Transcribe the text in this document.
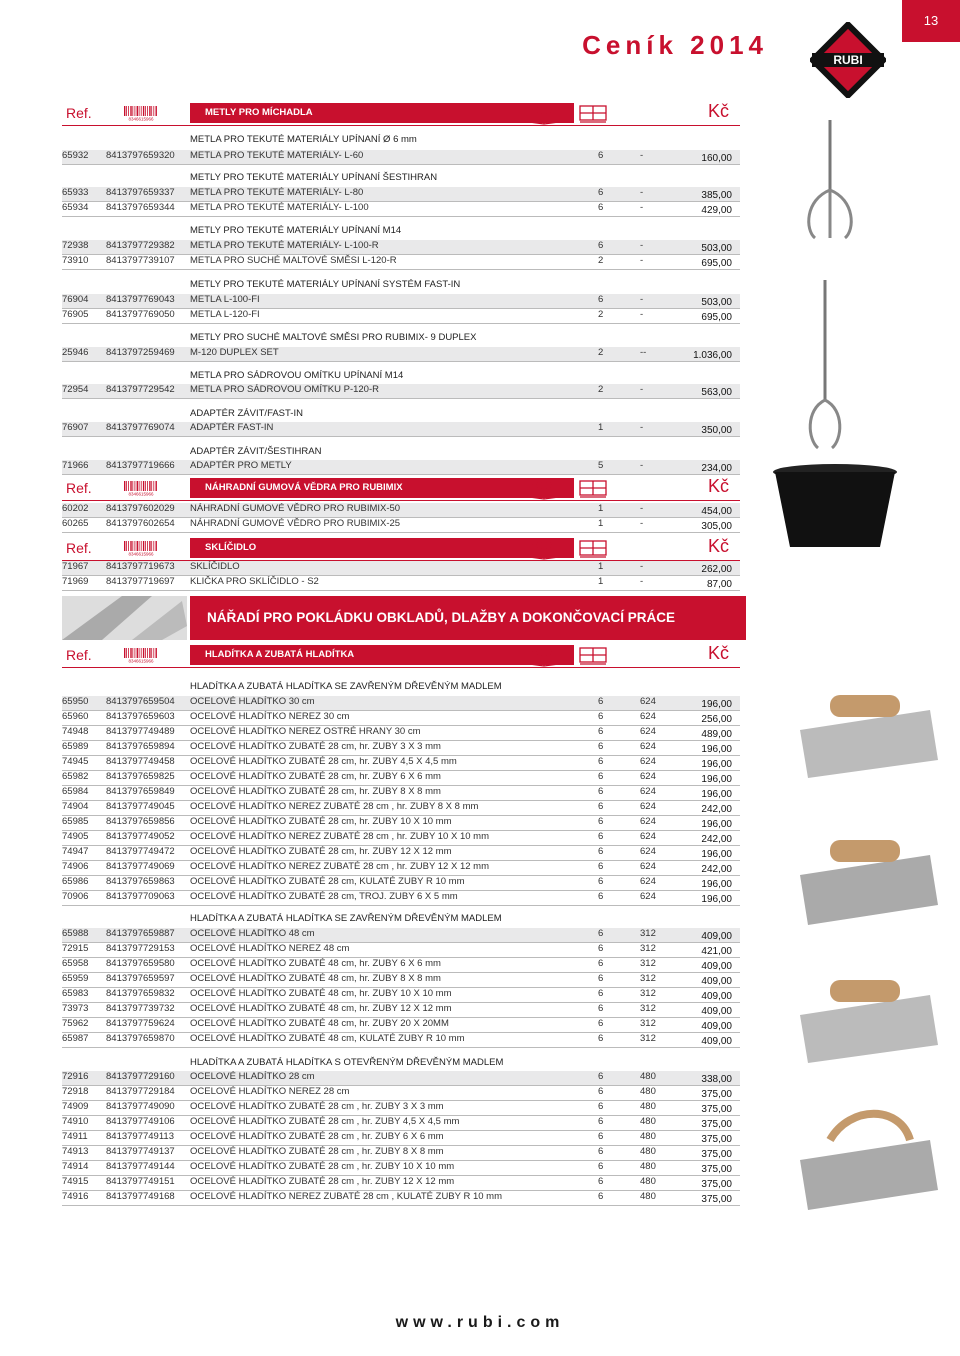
13
Ceník 2014	RUBI
Ref.	8346615966
METLY PRO MÍCHADLA	Kč
Ref.	8346615966
NÁHRADNÍ GUMOVÁ VĚDRA PRO RUBIMIX	Kč
Ref.	8346615966
SKLÍČIDLO	Kč
Ref.	8346615966
HLADÍTKA A ZUBATÁ HLADÍTKA	Kč
METLA PRO TEKUTÉ MATERIÁLY UPÍNANÍ Ø 6 mm
65932 8413797659320 METLA PRO TEKUTÉ MATERIÁLY- L-60	6	-	160,00
METLY PRO TEKUTÉ MATERIÁLY UPÍNANÍ ŠESTIHRAN
65933 8413797659337 METLA PRO TEKUTÉ MATERIÁLY- L-80	6	-	385,00
65934 8413797659344 METLA PRO TEKUTÉ MATERIÁLY- L-100	6	-	429,00
METLY PRO TEKUTÉ MATERIÁLY UPÍNANÍ M14
72938 8413797729382 METLA PRO TEKUTÉ MATERIÁLY- L-100-R	6	-	503,00
73910 8413797739107 METLA PRO SUCHÉ MALTOVÉ SMĚSI L-120-R	2	-	695,00
METLY PRO TEKUTÉ MATERIÁLY UPÍNANÍ SYSTÉM FAST-IN
76904 8413797769043 METLA L-100-FI	6	-	503,00
76905 8413797769050 METLA L-120-FI	2	-	695,00
METLY PRO SUCHÉ MALTOVÉ SMĚSI PRO RUBIMIX- 9 DUPLEX
25946 8413797259469 M-120 DUPLEX SET	2	--	1.036,00
METLA PRO SÁDROVOU OMÍTKU UPÍNANÍ M14
72954 8413797729542 METLA PRO SÁDROVOU OMÍTKU P-120-R	2	-	563,00
ADAPTÉR ZÁVIT/FAST-IN
76907 8413797769074 ADAPTÉR FAST-IN	1	-	350,00
ADAPTÉR ZÁVIT/ŠESTIHRAN
71966 8413797719666 ADAPTÉR PRO METLY	5	-	234,00
60202 8413797602029 NÁHRADNÍ GUMOVÉ VĚDRO PRO RUBIMIX-50	1	-	454,00
60265 8413797602654 NÁHRADNÍ GUMOVÉ VĚDRO PRO RUBIMIX-25	1	-	305,00
71967 8413797719673 SKLÍČIDLO	1	-	262,00
71969 8413797719697 KLIČKA PRO SKLÍČIDLO - S2	1	-	87,00
HLADÍTKA A ZUBATÁ HLADÍTKA SE ZAVŘENÝM DŘEVĚNÝM MADLEM
65950 8413797659504 OCELOVÉ HLADÍTKO 30 cm	6	624	196,00
65960 8413797659603 OCELOVÉ HLADÍTKO NEREZ 30 cm	6	624	256,00
74948 8413797749489 OCELOVÉ HLADÍTKO NEREZ OSTRÉ HRANY 30 cm	6	624	489,00
65989 8413797659894 OCELOVÉ HLADÍTKO ZUBATÉ 28 cm, hr. ZUBY 3 X 3 mm	6	624	196,00
74945 8413797749458 OCELOVÉ HLADÍTKO ZUBATÉ 28 cm, hr. ZUBY 4,5 X 4,5 mm	6	624	196,00
65982 8413797659825 OCELOVÉ HLADÍTKO ZUBATÉ 28 cm, hr. ZUBY 6 X 6 mm	6	624	196,00
65984 8413797659849 OCELOVÉ HLADÍTKO ZUBATÉ 28 cm, hr. ZUBY 8 X 8 mm	6	624	196,00
74904 8413797749045 OCELOVÉ HLADÍTKO NEREZ ZUBATÉ 28 cm , hr. ZUBY 8 X 8 mm	6	624	242,00
65985 8413797659856 OCELOVÉ HLADÍTKO ZUBATÉ 28 cm, hr. ZUBY 10 X 10 mm	6	624	196,00
74905 8413797749052 OCELOVÉ HLADÍTKO NEREZ ZUBATÉ 28 cm , hr. ZUBY 10 X 10 mm	6	624	242,00
74947 8413797749472 OCELOVÉ HLADÍTKO ZUBATÉ 28 cm, hr. ZUBY 12 X 12 mm	6	624	196,00
74906 8413797749069 OCELOVÉ HLADÍTKO NEREZ ZUBATÉ 28 cm , hr. ZUBY 12 X 12 mm	6	624	242,00
65986 8413797659863 OCELOVÉ HLADÍTKO ZUBATÉ 28 cm, KULATÉ ZUBY R 10 mm	6	624	196,00
70906 8413797709063 OCELOVÉ HLADÍTKO ZUBATÉ 28 cm, TROJ. ZUBY 6 X 5 mm	6	624	196,00
HLADÍTKA A ZUBATÁ HLADÍTKA SE ZAVŘENÝM DŘEVĚNÝM MADLEM
65988 8413797659887 OCELOVÉ HLADÍTKO 48 cm	6	312	409,00
72915 8413797729153 OCELOVÉ HLADÍTKO NEREZ 48 cm	6	312	421,00
65958 8413797659580 OCELOVÉ HLADÍTKO ZUBATÉ 48 cm, hr. ZUBY 6 X 6 mm	6	312	409,00
65959 8413797659597 OCELOVÉ HLADÍTKO ZUBATÉ 48 cm, hr. ZUBY 8 X 8 mm	6	312	409,00
65983 8413797659832 OCELOVÉ HLADÍTKO ZUBATÉ 48 cm, hr. ZUBY 10 X 10 mm	6	312	409,00
73973 8413797739732 OCELOVÉ HLADÍTKO ZUBATÉ 48 cm, hr. ZUBY 12 X 12 mm	6	312	409,00
75962 8413797759624 OCELOVÉ HLADÍTKO ZUBATÉ 48 cm, hr. ZUBY 20 X 20MM	6	312	409,00
65987 8413797659870 OCELOVÉ HLADÍTKO ZUBATÉ 48 cm, KULATÉ ZUBY R 10 mm	6	312	409,00
HLADÍTKA A ZUBATÁ HLADÍTKA S OTEVŘENÝM DŘEVĚNÝM MADLEM
72916 8413797729160 OCELOVÉ HLADÍTKO 28 cm	6	480	338,00
72918 8413797729184 OCELOVÉ HLADÍTKO NEREZ 28 cm	6	480	375,00
74909 8413797749090 OCELOVÉ HLADÍTKO ZUBATÉ 28 cm , hr. ZUBY 3 X 3 mm	6	480	375,00
74910 8413797749106 OCELOVÉ HLADÍTKO ZUBATÉ 28 cm , hr. ZUBY 4,5 X 4,5 mm	6	480	375,00
74911 8413797749113 OCELOVÉ HLADÍTKO ZUBATÉ 28 cm , hr. ZUBY 6 X 6 mm	6	480	375,00
74913 8413797749137 OCELOVÉ HLADÍTKO ZUBATÉ 28 cm , hr. ZUBY 8 X 8 mm	6	480	375,00
74914 8413797749144 OCELOVÉ HLADÍTKO ZUBATÉ 28 cm , hr. ZUBY 10 X 10 mm	6	480	375,00
74915 8413797749151 OCELOVÉ HLADÍTKO ZUBATÉ 28 cm , hr. ZUBY 12 X 12 mm	6	480	375,00
74916 8413797749168 OCELOVÉ HLADÍTKO NEREZ ZUBATÉ 28 cm , KULATÉ ZUBY R 10 mm	6	480	375,00
NÁŘADÍ PRO POKLÁDKU OBKLADŮ, DLAŽBY A DOKONČOVACÍ PRÁCE
www.rubi.com
